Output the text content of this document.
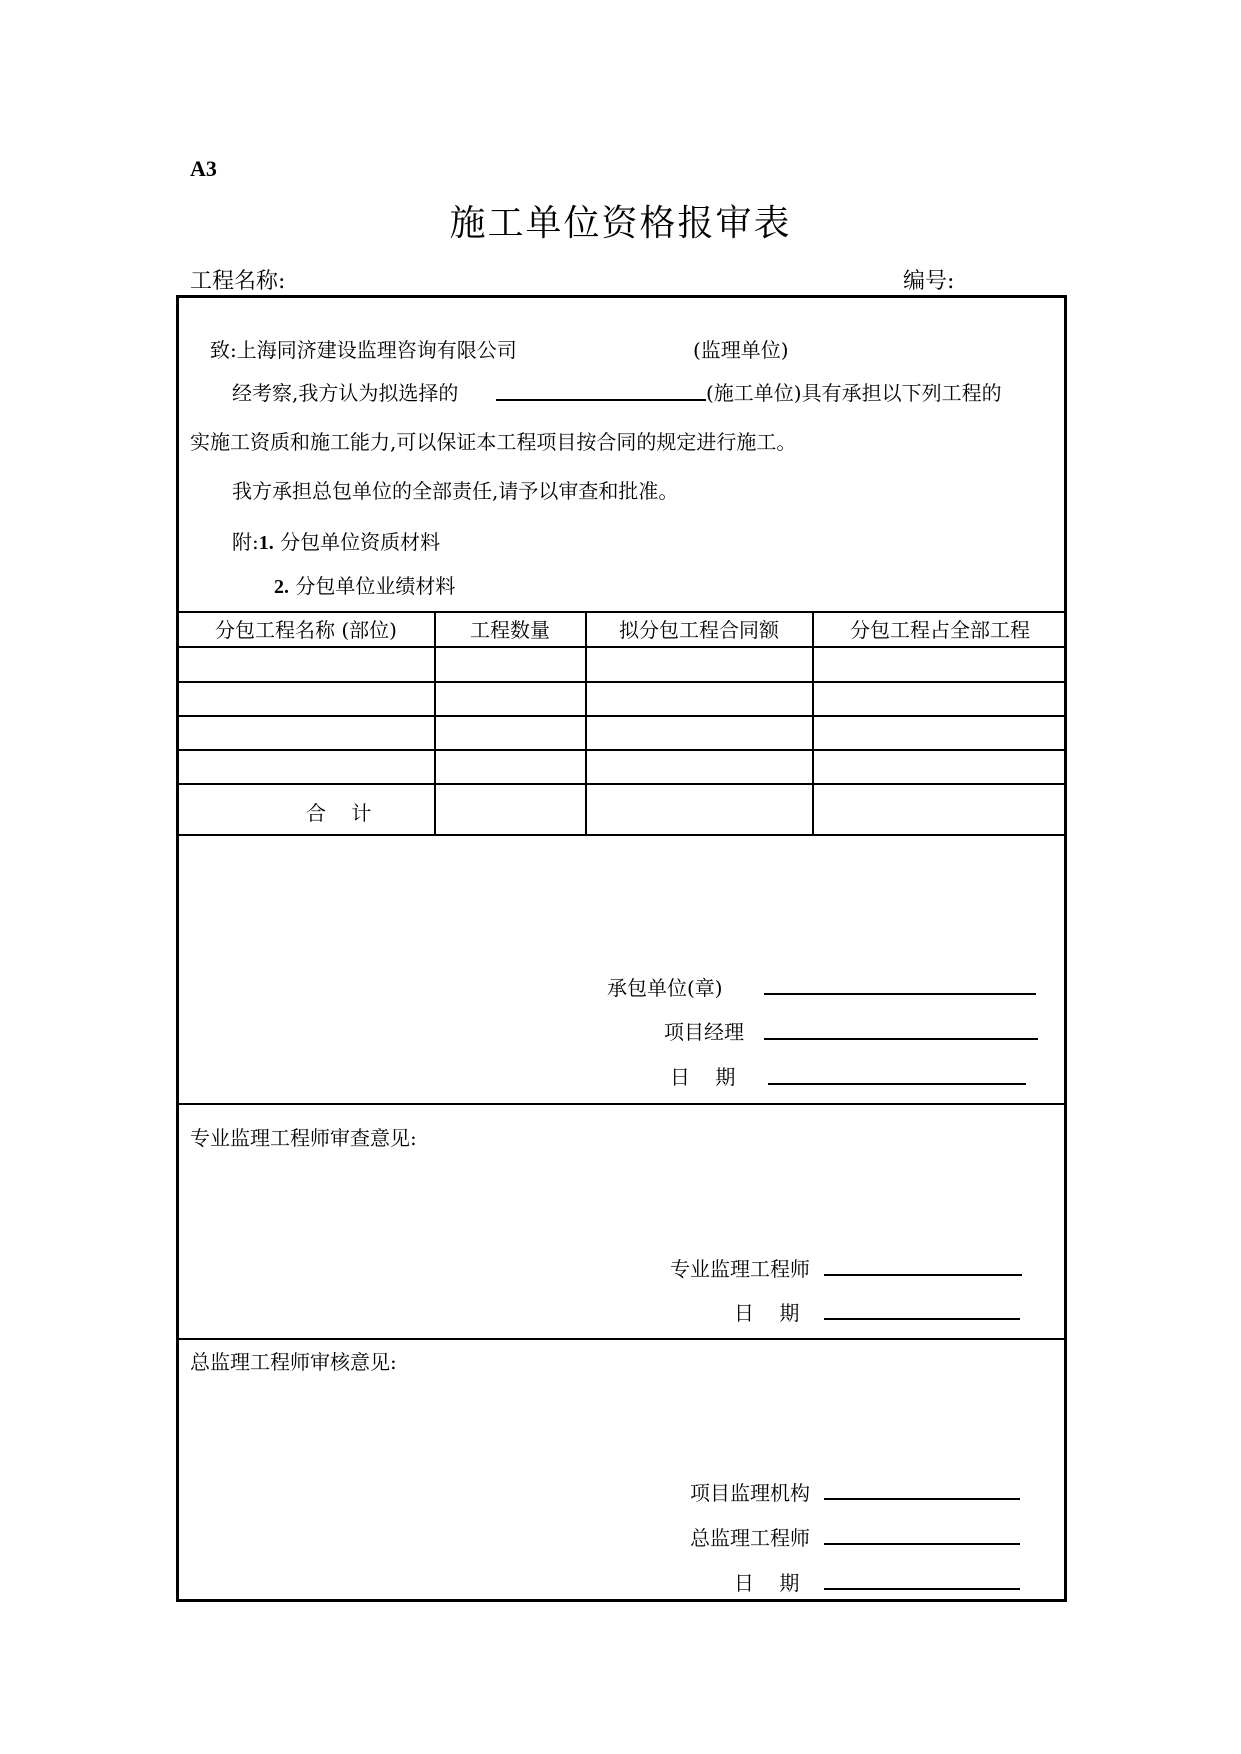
A3
施工单位资格报审表
工程名称:	编号:
致:上海同济建设监理咨询有限公司	(监理单位)
经考察,我方认为拟选择的	(施工单位)具有承担以下列工程的
实施工资质和施工能力,可以保证本工程项目按合同的规定进行施工。
我方承担总包单位的全部责任,请予以审查和批准。
附:1. 分包单位资质材料
2. 分包单位业绩材料
分包工程名称 (部位)	工程数量	拟分包工程合同额	分包工程占全部工程
合    计
承包单位(章)
项目经理
日    期
专业监理工程师审查意见:
专业监理工程师
日    期
总监理工程师审核意见:
项目监理机构
总监理工程师
日    期
